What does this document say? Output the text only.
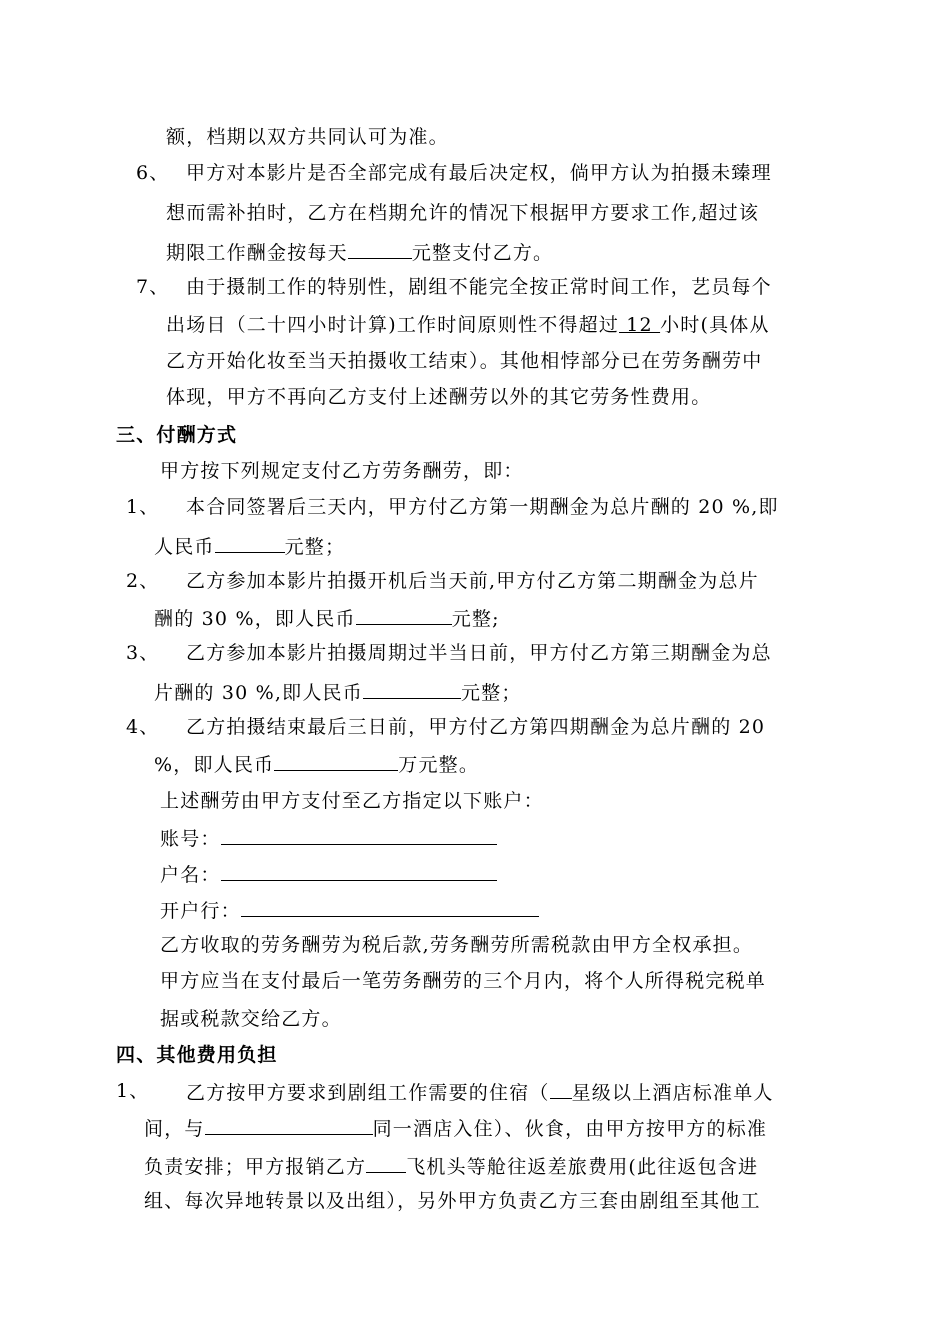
额，档期以双方共同认可为准。
6、 甲方对本影片是否全部完成有最后决定权，倘甲方认为拍摄未臻理
想而需补拍时，乙方在档期允许的情况下根据甲方要求工作,超过该
期限工作酬金按每天	元整支付乙方。
7、 由于摄制工作的特别性，剧组不能完全按正常时间工作，艺员每个
出场日（二十四小时计算)工作时间原则性不得超过 12 小时(具体从
乙方开始化妆至当天拍摄收工结束）。其他相悖部分已在劳务酬劳中
体现，甲方不再向乙方支付上述酬劳以外的其它劳务性费用。
三、付酬方式
甲方按下列规定支付乙方劳务酬劳，即：
1、 本合同签署后三天内，甲方付乙方第一期酬金为总片酬的 20 %,即
人民币	元整；
2、 乙方参加本影片拍摄开机后当天前,甲方付乙方第二期酬金为总片
酬的 30 %，即人民币	元整;
3、 乙方参加本影片拍摄周期过半当日前，甲方付乙方第三期酬金为总
片酬的 30 %,即人民币	元整；
4、 乙方拍摄结束最后三日前，甲方付乙方第四期酬金为总片酬的 20
%，即人民币	万元整。
上述酬劳由甲方支付至乙方指定以下账户：
账号：
户名：
开户行：
乙方收取的劳务酬劳为税后款,劳务酬劳所需税款由甲方全权承担。
甲方应当在支付最后一笔劳务酬劳的三个月内，将个人所得税完税单
据或税款交给乙方。
四、其他费用负担
1、 乙方按甲方要求到剧组工作需要的住宿（ 星级以上酒店标准单人
间，与	同一酒店入住）、伙食，由甲方按甲方的标准
负责安排；甲方报销乙方 飞机头等舱往返差旅费用(此往返包含进
组、每次异地转景以及出组），另外甲方负责乙方三套由剧组至其他工
